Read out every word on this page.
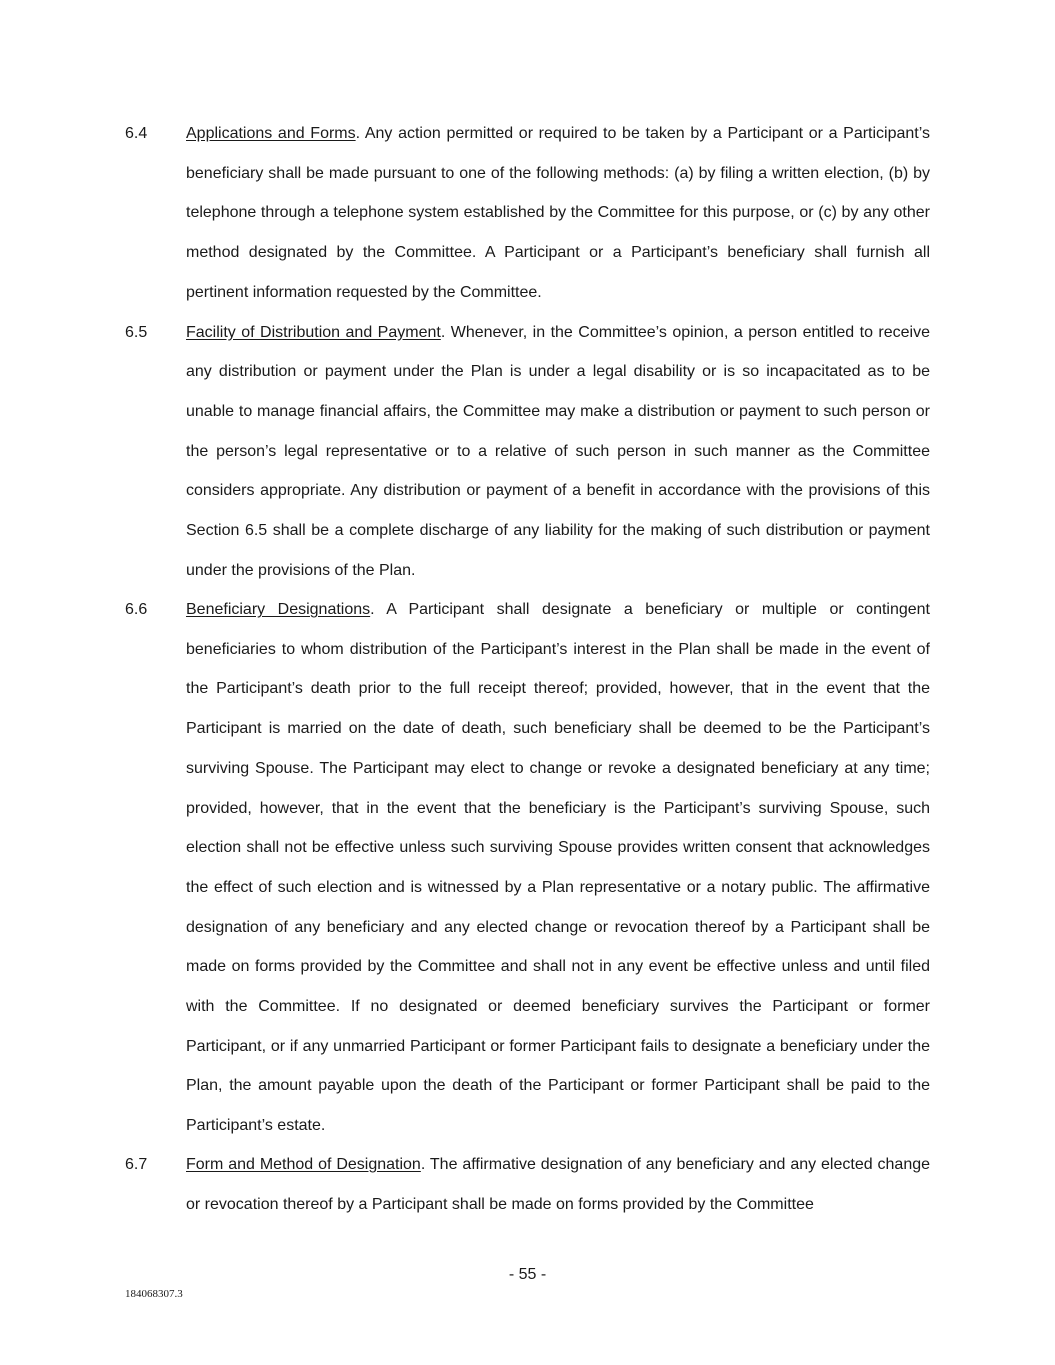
6.4 Applications and Forms. Any action permitted or required to be taken by a Participant or a Participant’s beneficiary shall be made pursuant to one of the following methods: (a) by filing a written election, (b) by telephone through a telephone system established by the Committee for this purpose, or (c) by any other method designated by the Committee. A Participant or a Participant’s beneficiary shall furnish all pertinent information requested by the Committee.
6.5 Facility of Distribution and Payment. Whenever, in the Committee’s opinion, a person entitled to receive any distribution or payment under the Plan is under a legal disability or is so incapacitated as to be unable to manage financial affairs, the Committee may make a distribution or payment to such person or the person’s legal representative or to a relative of such person in such manner as the Committee considers appropriate. Any distribution or payment of a benefit in accordance with the provisions of this Section 6.5 shall be a complete discharge of any liability for the making of such distribution or payment under the provisions of the Plan.
6.6 Beneficiary Designations. A Participant shall designate a beneficiary or multiple or contingent beneficiaries to whom distribution of the Participant’s interest in the Plan shall be made in the event of the Participant’s death prior to the full receipt thereof; provided, however, that in the event that the Participant is married on the date of death, such beneficiary shall be deemed to be the Participant’s surviving Spouse. The Participant may elect to change or revoke a designated beneficiary at any time; provided, however, that in the event that the beneficiary is the Participant’s surviving Spouse, such election shall not be effective unless such surviving Spouse provides written consent that acknowledges the effect of such election and is witnessed by a Plan representative or a notary public. The affirmative designation of any beneficiary and any elected change or revocation thereof by a Participant shall be made on forms provided by the Committee and shall not in any event be effective unless and until filed with the Committee. If no designated or deemed beneficiary survives the Participant or former Participant, or if any unmarried Participant or former Participant fails to designate a beneficiary under the Plan, the amount payable upon the death of the Participant or former Participant shall be paid to the Participant’s estate.
6.7 Form and Method of Designation. The affirmative designation of any beneficiary and any elected change or revocation thereof by a Participant shall be made on forms provided by the Committee
- 55 -
184068307.3
